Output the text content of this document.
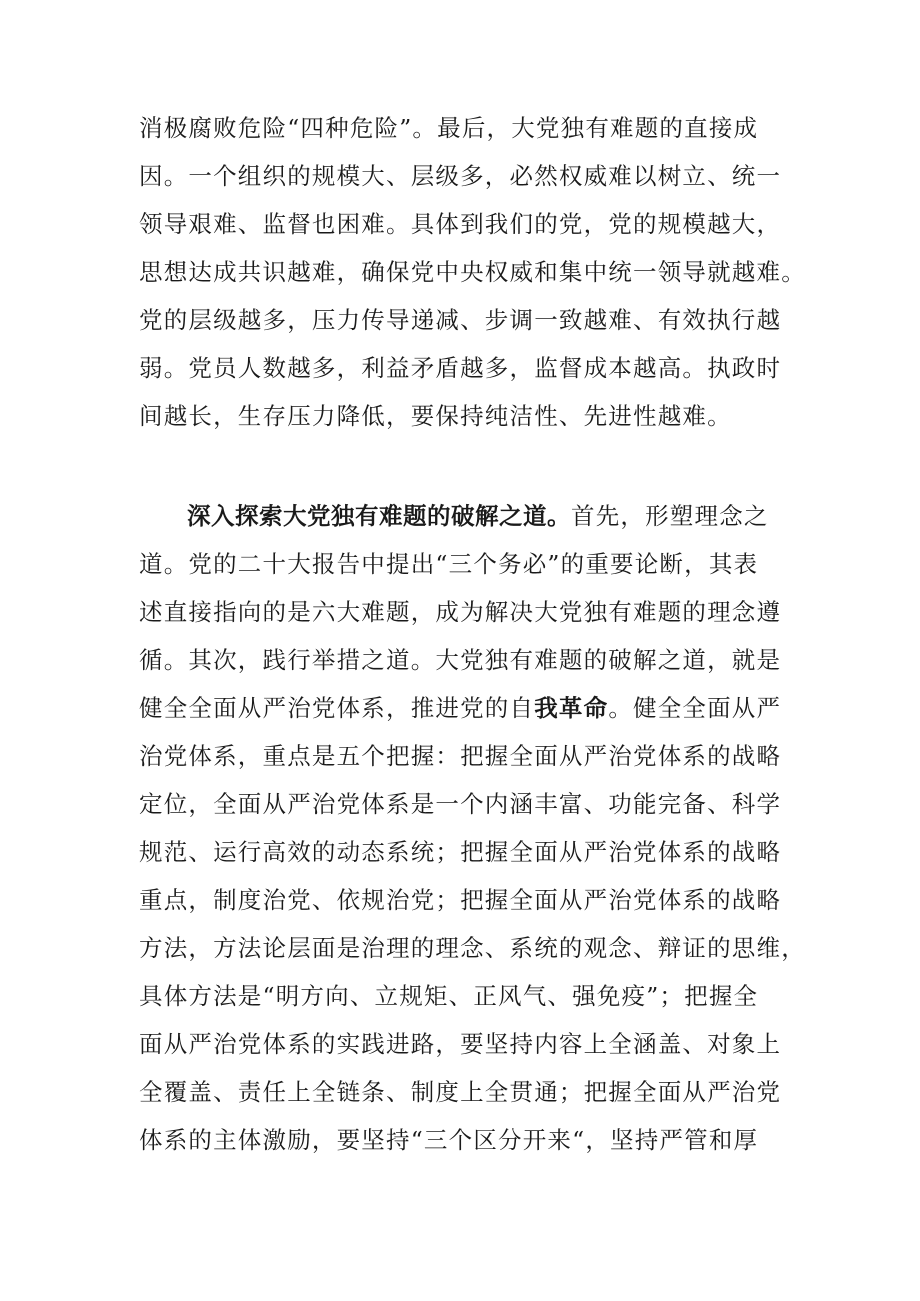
消极腐败危险“四种危险”。最后，大党独有难题的直接成
因。一个组织的规模大、层级多，必然权威难以树立、统一
领导艰难、监督也困难。具体到我们的党，党的规模越大，
思想达成共识越难，确保党中央权威和集中统一领导就越难。
党的层级越多，压力传导递减、步调一致越难、有效执行越
弱。党员人数越多，利益矛盾越多，监督成本越高。执政时
间越长，生存压力降低，要保持纯洁性、先进性越难。
深入探索大党独有难题的破解之道。首先，形塑理念之
道。党的二十大报告中提出“三个务必”的重要论断，其表
述直接指向的是六大难题，成为解决大党独有难题的理念遵
循。其次，践行举措之道。大党独有难题的破解之道，就是
健全全面从严治党体系，推进党的自我革命。健全全面从严
治党体系，重点是五个把握：把握全面从严治党体系的战略
定位，全面从严治党体系是一个内涵丰富、功能完备、科学
规范、运行高效的动态系统；把握全面从严治党体系的战略
重点，制度治党、依规治党；把握全面从严治党体系的战略
方法，方法论层面是治理的理念、系统的观念、辩证的思维，
具体方法是“明方向、立规矩、正风气、强免疫”；把握全
面从严治党体系的实践进路，要坚持内容上全涵盖、对象上
全覆盖、责任上全链条、制度上全贯通；把握全面从严治党
体系的主体激励，要坚持“三个区分开来“，坚持严管和厚
